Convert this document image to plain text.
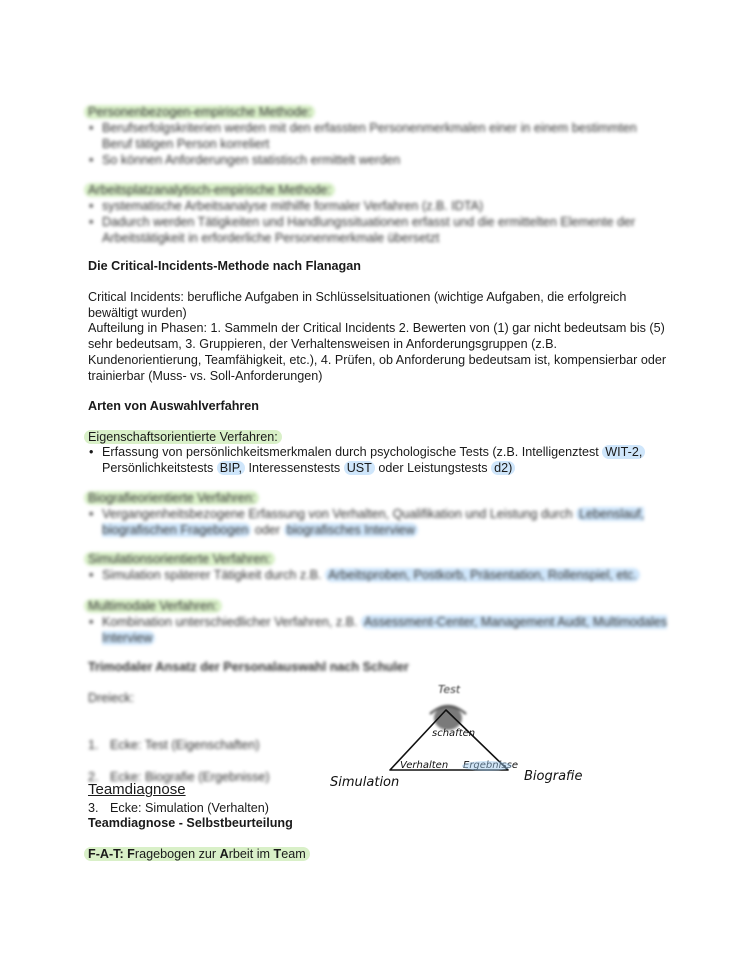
Personenbezogen-empirische Methode:
• Berufserfolgskriterien werden mit den erfassten Personenmerkmalen einer in einem bestimmten Beruf tätigen Person korreliert
• So können Anforderungen statistisch ermittelt werden
Arbeitsplatzanalytisch-empirische Methode:
• systematische Arbeitsanalyse mithilfe formaler Verfahren (z.B. IDTA)
• Dadurch werden Tätigkeiten und Handlungssituationen erfasst und die ermittelten Elemente der Arbeitstätigkeit in erforderliche Personenmerkmale übersetzt
Die Critical-Incidents-Methode nach Flanagan
Critical Incidents: berufliche Aufgaben in Schlüsselsituationen (wichtige Aufgaben, die erfolgreich bewältigt wurden)
Aufteilung in Phasen: 1. Sammeln der Critical Incidents 2. Bewerten von (1) gar nicht bedeutsam bis (5) sehr bedeutsam, 3. Gruppieren, der Verhaltensweisen in Anforderungsgruppen (z.B. Kundenorientierung, Teamfähigkeit, etc.), 4. Prüfen, ob Anforderung bedeutsam ist, kompensierbar oder trainierbar (Muss- vs. Soll-Anforderungen)
Arten von Auswahlverfahren
Eigenschaftsorientierte Verfahren:
• Erfassung von persönlichkeitsmerkmalen durch psychologische Tests (z.B. Intelligenztest WIT-2,
Persönlichkeitstests BIP, Interessenstests UST oder Leistungstests d2)
Biografieorientierte Verfahren:
• Vergangenheitsbezogene Erfassung von Verhalten, Qualifikation und Leistung durch Lebenslauf, biografischen Fragebogen oder biografisches Interview
Simulationsorientierte Verfahren:
• Simulation späterer Tätigkeit durch z.B. Arbeitsproben, Postkorb, Präsentation, Rollenspiel, etc.
Multimodale Verfahren:
• Kombination unterschiedlicher Verfahren, z.B. Assessment-Center, Management Audit, Multimodales Interview
Trimodaler Ansatz der Personalauswahl nach Schuler
Dreieck:
1. Ecke: Test (Eigenschaften)
2. Ecke: Biografie (Ergebnisse)
3. Ecke: Simulation (Verhalten)
Test
schaften
Verhalten Ergebnisse
Simulation	Biografie
Teamdiagnose
Teamdiagnose - Selbstbeurteilung
F-A-T: Fragebogen zur Arbeit im Team
